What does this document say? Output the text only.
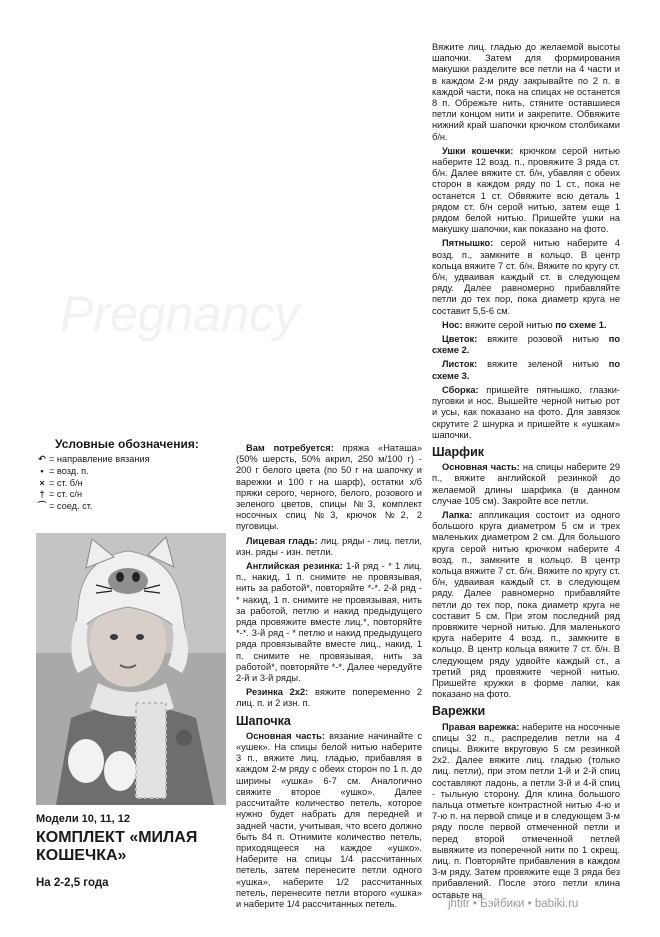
Pregnancy
Условные обозначения:
↶ = направление вязания
• = возд. п.
× = ст. б/н
† = ст. с/н
⌒ = соед. ст.
Модели 10, 11, 12
КОМПЛЕКТ «МИЛАЯ КОШЕЧКА»
На 2-2,5 года

Вам потребуется: пряжа «Наташа» (50% шерсть, 50% акрил, 250 м/100 г) - 200 г белого цвета (по 50 г на шапочку и варежки и 100 г на шарф), остатки х/б пряжи серого, черного, белого, розового и зеленого цветов, спицы №3, комплект носочных спиц №3, крючок №2, 2 пуговицы.

Лицевая гладь: лиц. ряды - лиц. петли, изн. ряды - изн. петли.

Английская резинка: 1-й ряд - * 1 лиц. п., накид, 1 п. снимите не провязывая, нить за работой*, повторяйте *-*. 2-й ряд - * накид, 1 п. снимите не провязывая, нить за работой, петлю и накид предыдущего ряда провяжите вместе лиц.*, повторяйте *-*. 3-й ряд - * петлю и накид предыдущего ряда провязывайте вместе лиц., накид, 1 п. снимите не провязывая, нить за работой*, повторяйте *-*. Далее чередуйте 2-й и 3-й ряды.

Резинка 2х2: вяжите попеременно 2 лиц. п. и 2 изн. п.

Шапочка

Основная часть: вязание начинайте с «ушек». На спицы белой нитью наберите 3 п., вяжите лиц. гладью, прибавляя в каждом 2-м ряду с обеих сторон по 1 п. до ширины «ушка» 6-7 см. Аналогично свяжите второе «ушко». Далее рассчитайте количество петель, которое нужно будет набрать для передней и задней части, учитывая, что всего должно быть 84 п. Отнимите количество петель, приходящееся на каждое «ушко». Наберите на спицы 1/4 рассчитанных петель, затем перенесите петли одного «ушка», наберите 1/2 рассчитанных петель, перенесите петли второго «ушка» и наберите 1/4 рассчитанных петель.

Вяжите лиц. гладью до желаемой высоты шапочки. Затем для формирования макушки разделите все петли на 4 части и в каждом 2-м ряду закрывайте по 2 п. в каждой части, пока на спицах не останется 8 п. Обрежьте нить, стяните оставшиеся петли концом нити и закрепите. Обвяжите нижний край шапочки крючком столбиками б/н.

Ушки кошечки: крючком серой нитью наберите 12 возд. п., провяжите 3 ряда ст. б/н. Далее вяжите ст. б/н, убавляя с обеих сторон в каждом ряду по 1 ст., пока не останется 1 ст. Обвяжите всю деталь 1 рядом ст. б/н серой нитью, затем еще 1 рядом белой нитью. Пришейте ушки на макушку шапочки, как показано на фото.

Пятнышко: серой нитью наберите 4 возд. п., замкните в кольцо. В центр кольца вяжите 7 ст. б/н. Вяжите по кругу ст. б/н, удваивая каждый ст. в следующем ряду. Далее равномерно прибавляйте петли до тех пор, пока диаметр круга не составит 5,5-6 см.

Нос: вяжите серой нитью по схеме 1.

Цветок: вяжите розовой нитью по схеме 2.

Листок: вяжите зеленой нитью по схеме 3.

Сборка: пришейте пятнышко, глазки-пуговки и нос. Вышейте черной нитью рот и усы, как показано на фото. Для завязок скрутите 2 шнурка и пришейте к «ушкам» шапочки.

Шарфик

Основная часть: на спицы наберите 29 п., вяжите английской резинкой до желаемой длины шарфика (в данном случае 105 см). Закройте все петли.

Лапка: аппликация состоит из одного большого круга диаметром 5 см и трех маленьких диаметром 2 см. Для большого круга серой нитью крючком наберите 4 возд. п., замкните в кольцо. В центр кольца вяжите 7 ст. б/н. Вяжите по кругу ст. б/н, удваивая каждый ст. в следующем ряду. Далее равномерно прибавляйте петли до тех пор, пока диаметр круга не составит 5 см. При этом последний ряд провяжите черной нитью. Для маленького круга наберите 4 возд. п., замкните в кольцо. В центр кольца вяжите 7 ст. б/н. В следующем ряду удвойте каждый ст., а третий ряд провяжите черной нитью. Пришейте кружки в форме лапки, как показано на фото.

Варежки

Правая варежка: наберите на носочные спицы 32 п., распределив петли на 4 спицы. Вяжите вкруговую 5 см резинкой 2х2. Далее вяжите лиц. гладью (только лиц. петли), при этом петли 1-й и 2-й спиц составляют ладонь, а петли 3-й и 4-й спиц - тыльную сторону. Для клина большого пальца отметьте контрастной нитью 4-ю и 7-ю п. на первой спице и в следующем 3-м ряду после первой отмеченной петли и перед второй отмеченной петлей вывяжите из поперечной нити по 1 скрещ. лиц. п. Повторяйте прибавления в каждом 3-м ряду. Затем провяжите еще 3 ряда без прибавлений. После этого петли клина оставьте на

jhtitr • Бэйбики • babiki.ru
